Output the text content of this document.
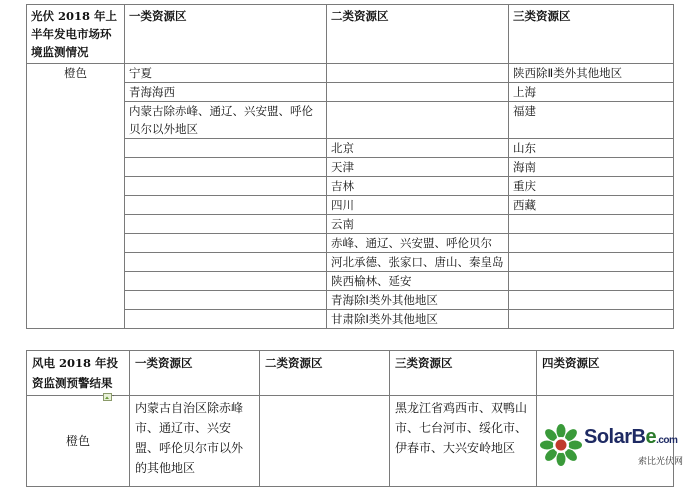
光伏 2018 年上半年发电市场环境监测情况	一类资源区	二类资源区	三类资源区

橙色	宁夏		陕西除Ⅱ类外其他地区
	青海海西		上海
	内蒙古除赤峰、通辽、兴安盟、呼伦贝尔以外地区		福建
		北京	山东
		天津	海南
		吉林	重庆
		四川	西藏
		云南	
		赤峰、通辽、兴安盟、呼伦贝尔	
		河北承德、张家口、唐山、秦皇岛	
		陕西榆林、延安	
		青海除Ⅰ类外其他地区	
		甘肃除Ⅰ类外其他地区	
风电 2018 年投资监测预警结果	一类资源区	二类资源区	三类资源区	四类资源区
橙色	内蒙古自治区除赤峰市、通辽市、兴安盟、呼伦贝尔市以外的其他地区		黑龙江省鸡西市、双鸭山市、七台河市、绥化市、伊春市、大兴安岭地区		SolarBe.com
索比光伏网
